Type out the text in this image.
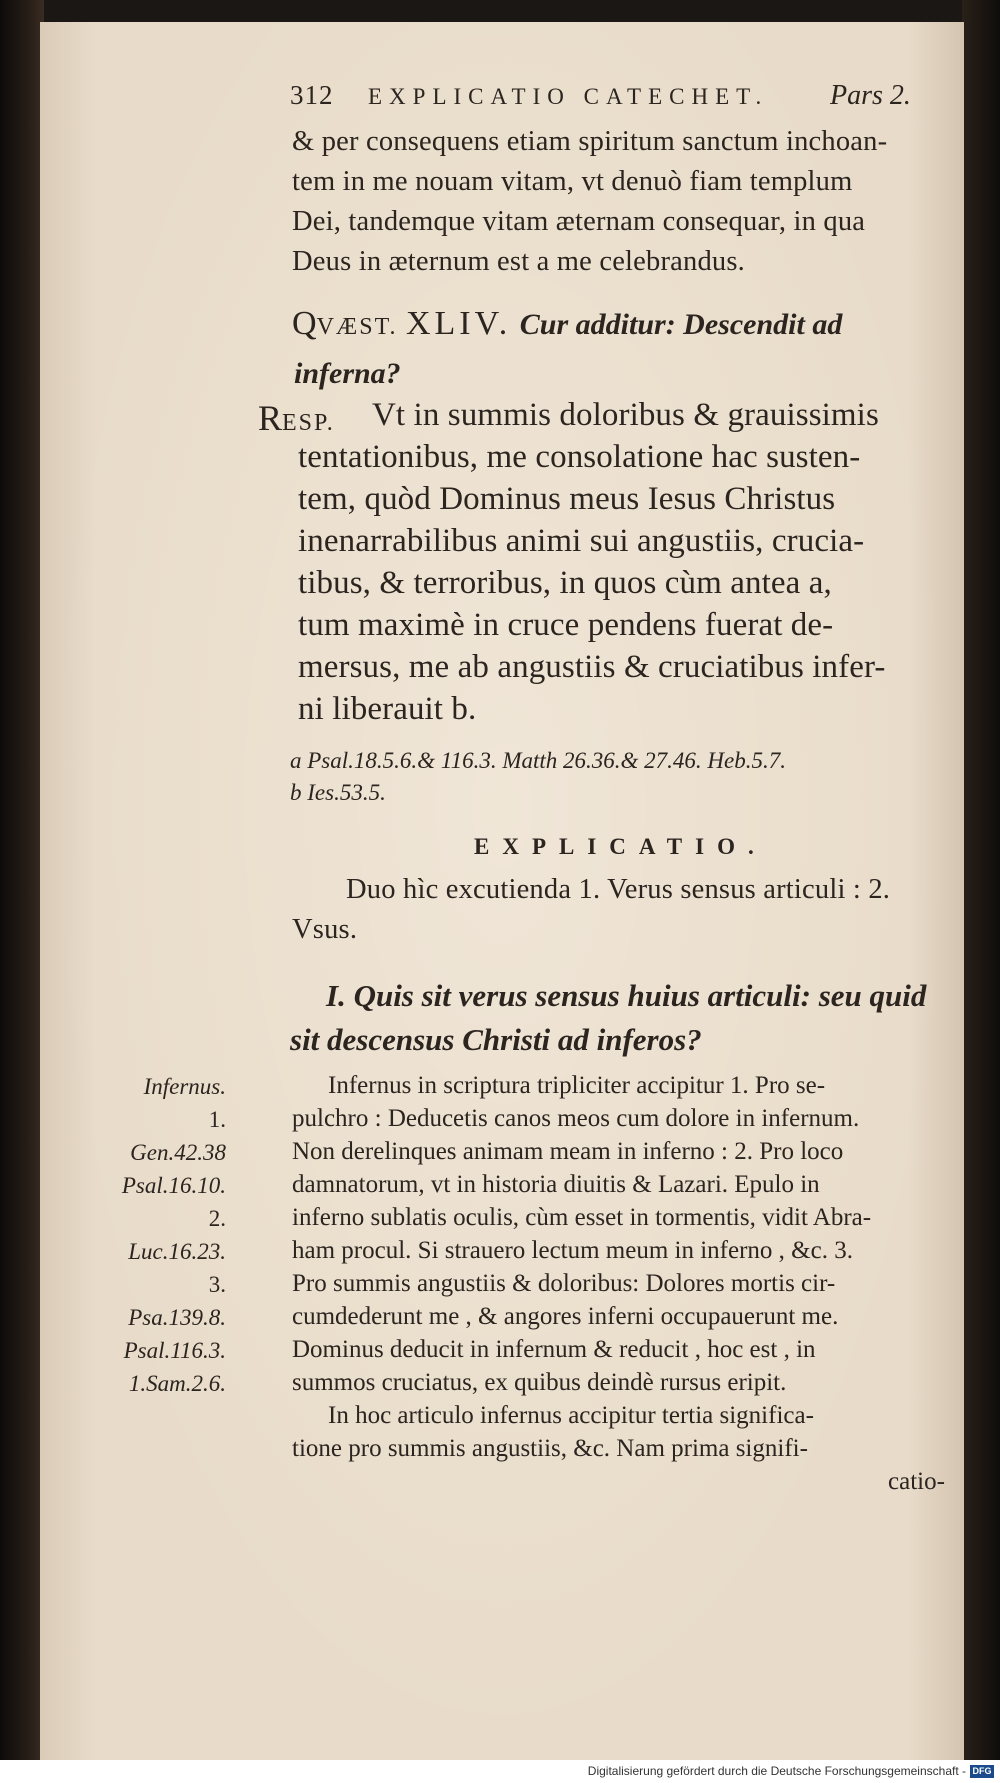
312 EXPLICATIO CATECHET. Pars 2.
& per consequens etiam spiritum sanctum inchoan-
tem in me nouam vitam, vt denuò fiam templum
Dei, tandemque vitam æternam consequar, in qua
Deus in æternum est a me celebrandus.
QVÆST. XLIV. Cur additur: Descendit ad
inferna?
RESP. Vt in summis doloribus & grauissimis
tentationibus, me consolatione hac susten-
tem, quòd Dominus meus Iesus Christus
inenarrabilibus animi sui angustiis, crucia-
tibus, & terroribus, in quos cùm antea a,
tum maximè in cruce pendens fuerat de-
mersus, me ab angustiis & cruciatibus infer-
ni liberauit b.
a Psal.18.5.6.& 116.3. Matth 26.36.& 27.46. Heb.5.7.
b Ies.53.5.
EXPLICATIO.
Duo hìc excutienda 1. Verus sensus articuli : 2.
Vsus.
I. Quis sit verus sensus huius articuli: seu quid
sit descensus Christi ad inferos?
Infernus.
1.
Gen.42.38
Psal.16.10.
2.
Luc.16.23.
3.
Psa.139.8.
Psal.116.3.
1.Sam.2.6.
Infernus in scriptura tripliciter accipitur 1. Pro se-
pulchro : Deducetis canos meos cum dolore in infernum.
Non derelinques animam meam in inferno : 2. Pro loco
damnatorum, vt in historia diuitis & Lazari. Epulo in
inferno sublatis oculis, cùm esset in tormentis, vidit Abra-
ham procul. Si strauero lectum meum in inferno , &c. 3.
Pro summis angustiis & doloribus: Dolores mortis cir-
cumdederunt me , & angores inferni occupauerunt me.
Dominus deducit in infernum & reducit , hoc est , in
summos cruciatus, ex quibus deindè rursus eripit.
In hoc articulo infernus accipitur tertia significa-
tione pro summis angustiis, &c. Nam prima signifi-
catio-
Digitalisierung gefördert durch die Deutsche Forschungsgemeinschaft - DFG
